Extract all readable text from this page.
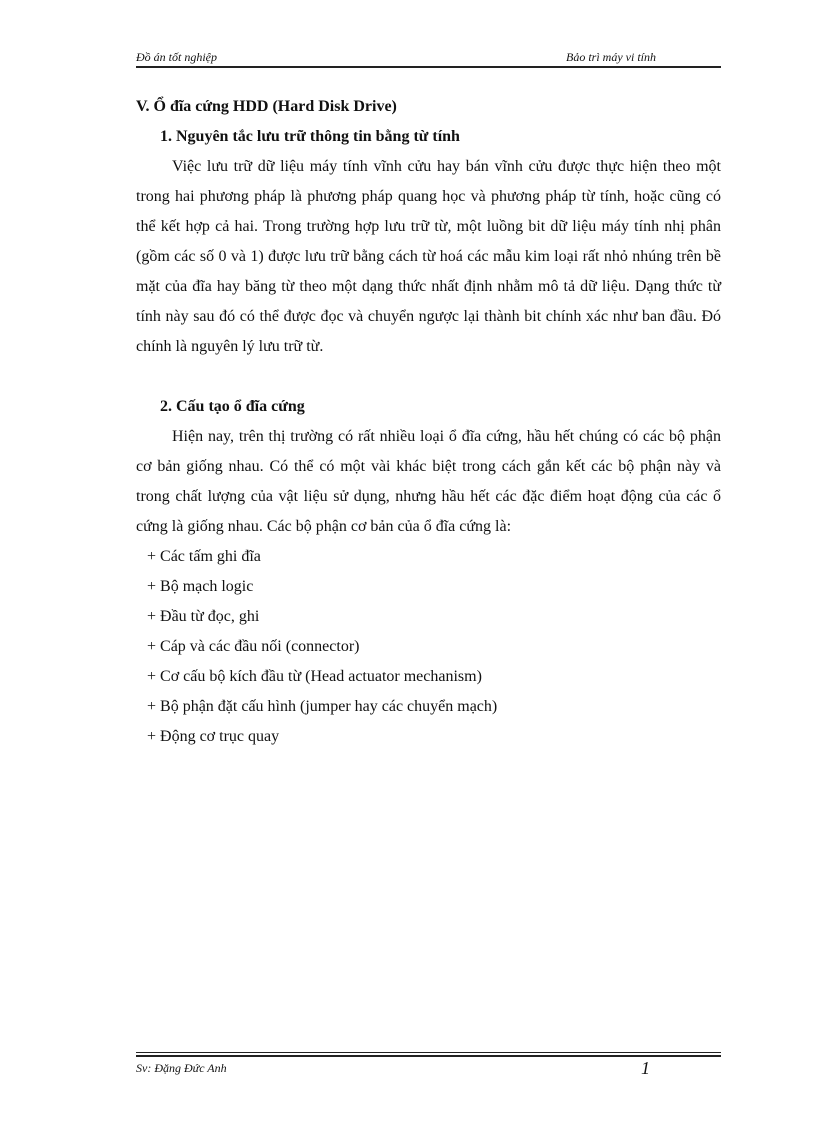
Đồ án tốt nghiệp	Bảo trì máy vi tính

V. Ổ đĩa cứng HDD (Hard Disk Drive)

1. Nguyên tắc lưu trữ thông tin bằng từ tính

Việc lưu trữ dữ liệu máy tính vĩnh cửu hay bán vĩnh cửu được thực hiện theo một trong hai phương pháp là phương pháp quang học và phương pháp từ tính, hoặc cũng có thể kết hợp cả hai. Trong trường hợp lưu trữ từ, một luồng bit dữ liệu máy tính nhị phân (gồm các số 0 và 1) được lưu trữ bằng cách từ hoá các mẫu kim loại rất nhỏ nhúng trên bề mặt của đĩa hay băng từ theo một dạng thức nhất định nhằm mô tả dữ liệu. Dạng thức từ tính này sau đó có thể được đọc và chuyển ngược lại thành bit chính xác như ban đầu. Đó chính là nguyên lý lưu trữ từ.

2. Cấu tạo ổ đĩa cứng

Hiện nay, trên thị trường có rất nhiều loại ổ đĩa cứng, hầu hết chúng có các bộ phận cơ bản giống nhau. Có thể có một vài khác biệt trong cách gắn kết các bộ phận này và trong chất lượng của vật liệu sử dụng, nhưng hầu hết các đặc điểm hoạt động của các ổ cứng là giống nhau. Các bộ phận cơ bản của ổ đĩa cứng là:

+ Các tấm ghi đĩa
+ Bộ mạch logic
+ Đầu từ đọc, ghi
+ Cáp và các đầu nối (connector)
+ Cơ cấu bộ kích đầu từ (Head actuator mechanism)
+ Bộ phận đặt cấu hình (jumper hay các chuyển mạch)
+ Động cơ trục quay
Sv: Đặng Đức Anh	1
